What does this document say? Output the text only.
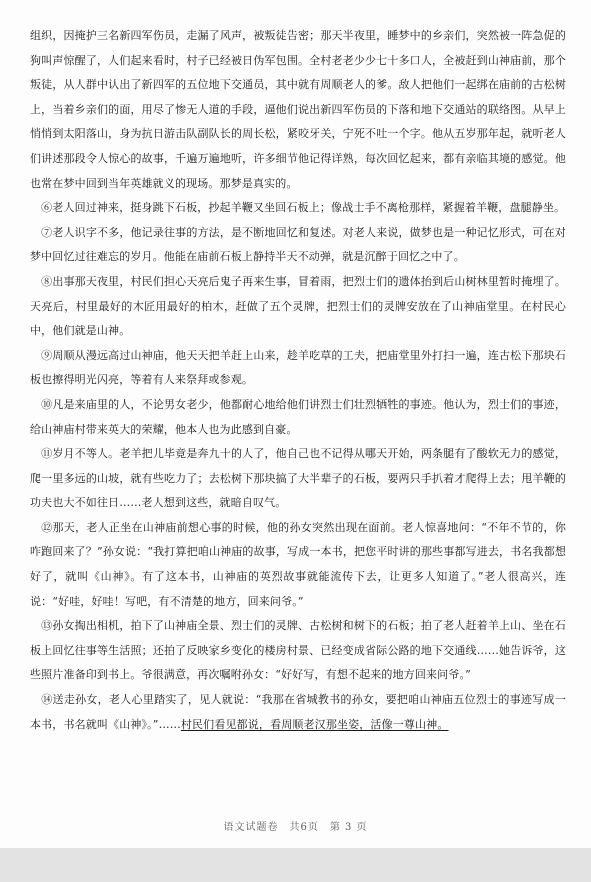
组织，因掩护三名新四军伤员，走漏了风声，被叛徒告密；那天半夜里，睡梦中的乡亲们，突然被一阵急促的狗叫声惊醒了，人们起来看时，村子已经被日伪军包围。全村老老少少七十多口人，全被赶到山神庙前，那个叛徒，从人群中认出了新四军的五位地下交通员，其中就有周顺老人的爹。敌人把他们一起绑在庙前的古松树上，当着乡亲们的面，用尽了惨无人道的手段，逼他们说出新四军伤员的下落和地下交通站的联络图。从早上悄悄到太阳落山，身为抗日游击队副队长的周长松，紧咬牙关，宁死不吐一个字。他从五岁那年起，就听老人们讲述那段令人惊心的故事，千遍万遍地听，许多细节他记得详熟，每次回忆起来，都有亲临其境的感觉。他也常在梦中回到当年英雄就义的现场。那梦是真实的。

　⑥老人回过神来，挺身跳下石板，抄起羊鞭又坐回石板上；像战士手不离枪那样，紧握着羊鞭，盘腿静坐。

　⑦老人识字不多，他记录往事的方法，是不断地回忆和复述。对老人来说，做梦也是一种记忆形式，可在对梦中回忆过往难忘的岁月。他能在庙前石板上静持半天不动弹，就是沉醉于回忆之中了。

　⑧出事那天夜里，村民们担心天亮后鬼子再来生事，冒着雨，把烈士们的遗体抬到后山树林里暂时掩埋了。天亮后，村里最好的木匠用最好的柏木，赶做了五个灵牌，把烈士们的灵牌安放在了山神庙堂里。在村民心中，他们就是山神。

　⑨周顺从漫远高过山神庙，他天天把羊赶上山来，趁羊吃草的工夫，把庙堂里外打扫一遍，连古松下那块石板也擦得明光闪亮，等着有人来祭拜或参观。

　⑩凡是来庙里的人，不论男女老少，他都耐心地给他们讲烈士们壮烈牺牲的事迹。他认为，烈士们的事迹，给山神庙村带来英大的荣耀，他本人也为此感到自豪。

　⑪岁月不等人。老羊把儿毕竟是奔九十的人了，他自己也不记得从哪天开始，两条腿有了酸软无力的感觉，爬一里多远的山坡，就有些吃力了；去松树下那块搞了大半辈子的石板，要两只手扒着才爬得上去；甩羊鞭的功夫也大不如往日……老人想到这些，就暗自叹气。

　⑫那天，老人正坐在山神庙前想心事的时候，他的孙女突然出现在面前。老人惊喜地问：“不年不节的，你咋跑回来了？”孙女说：“我打算把咱山神庙的故事，写成一本书，把您平时讲的那些事都写进去，书名我都想好了，就叫《山神》。有了这本书，山神庙的英烈故事就能流传下去，让更多人知道了。”老人很高兴，连说：“好哇，好哇！写吧，有不清楚的地方，回来问爷。”

　⑬孙女掏出相机，拍下了山神庙全景、烈士们的灵牌、古松树和树下的石板；拍了老人赶着羊上山、坐在石板上回忆往事等生活照；还拍了反映家乡变化的楼房村景、已经变成省际公路的地下交通线……她告诉爷，这些照片准备印到书上。爷很满意，再次嘱咐孙女：“好好写，有想不起来的地方回来问爷。”

　⑭送走孙女，老人心里踏实了，见人就说：“我那在省城教书的孙女，要把咱山神庙五位烈士的事迹写成一本书，书名就叫《山神》。”……村民们看见都说，看周顺老汉那坐姿，活像一尊山神。

语文试题卷　共6页　第 3 页
